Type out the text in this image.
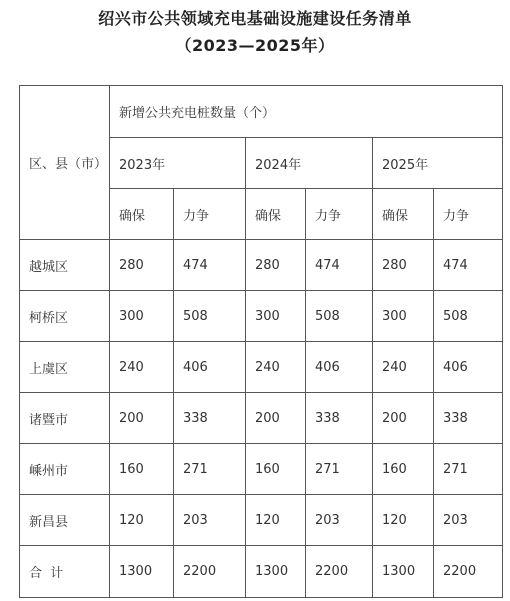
绍兴市公共领域充电基础设施建设任务清单
（2023—2025年）
区、县（市）	新增公共充电桩数量（个）					
	2023年		2024年		2025年	
	确保	力争	确保	力争	确保	力争
越城区	280	474	280	474	280	474
柯桥区	300	508	300	508	300	508
上虞区	240	406	240	406	240	406
诸暨市	200	338	200	338	200	338
嵊州市	160	271	160	271	160	271
新昌县	120	203	120	203	120	203
合  计	1300	2200	1300	2200	1300	2200
